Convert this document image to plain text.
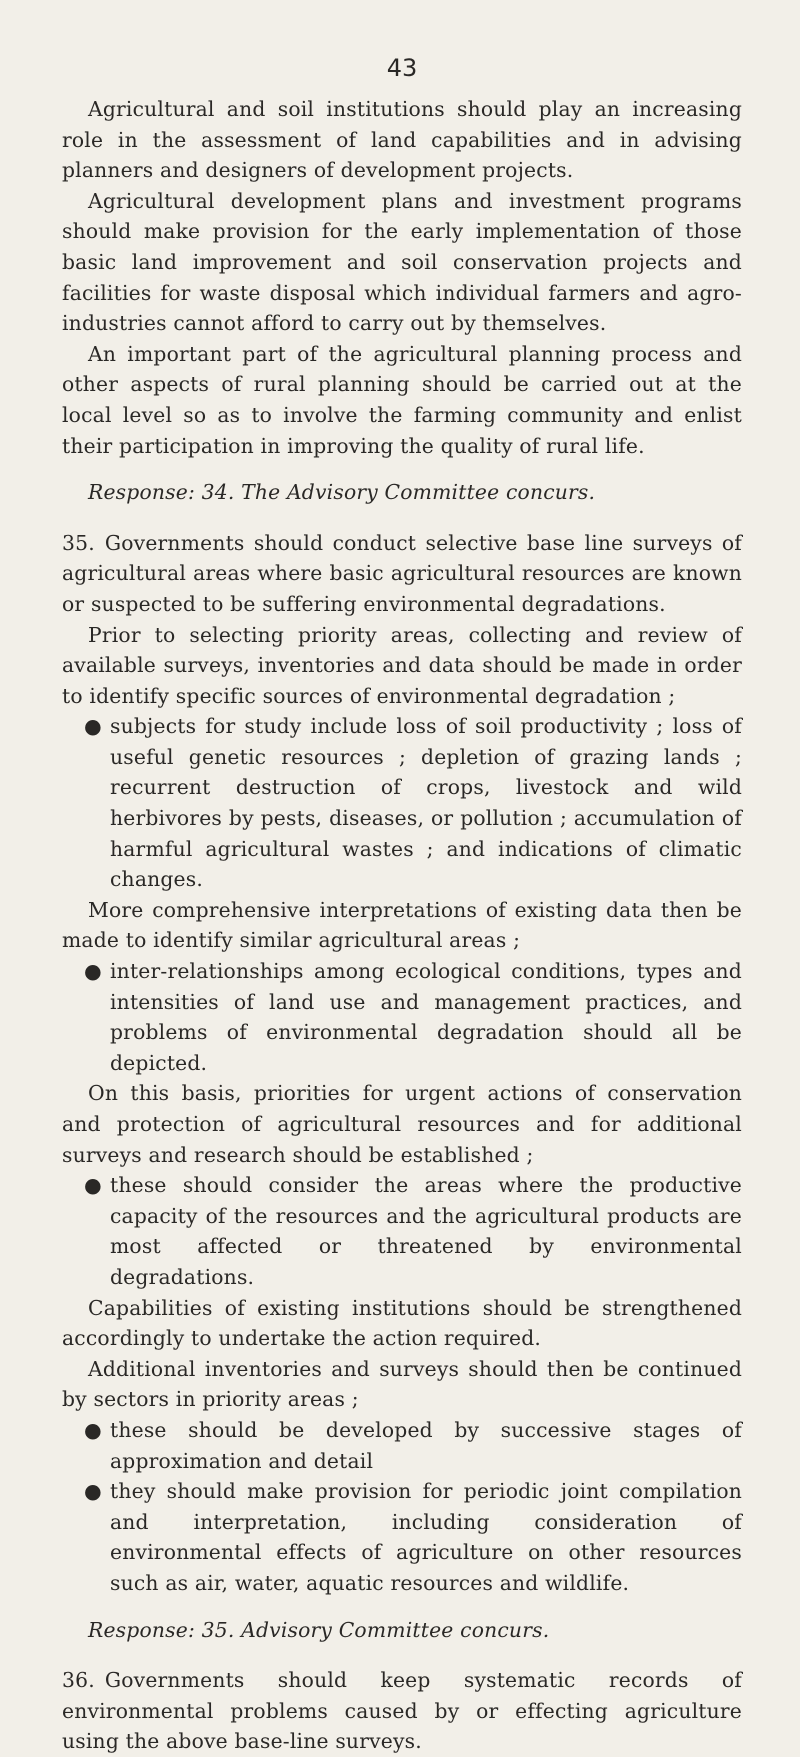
43

Agricultural and soil institutions should play an increasing role in the assessment of land capabilities and in advising planners and designers of development projects.

Agricultural development plans and investment programs should make provision for the early implementation of those basic land improvement and soil conservation projects and facilities for waste disposal which individual farmers and agro-industries cannot afford to carry out by themselves.

An important part of the agricultural planning process and other aspects of rural planning should be carried out at the local level so as to involve the farming community and enlist their participation in improving the quality of rural life.

Response: 34. The Advisory Committee concurs.

35. Governments should conduct selective base line surveys of agricultural areas where basic agricultural resources are known or suspected to be suffering environmental degradations.

Prior to selecting priority areas, collecting and review of available surveys, inventories and data should be made in order to identify specific sources of environmental degradation ;

● subjects for study include loss of soil productivity ; loss of useful genetic resources ; depletion of grazing lands ; recurrent destruction of crops, livestock and wild herbivores by pests, diseases, or pollution ; accumulation of harmful agricultural wastes ; and indications of climatic changes.

More comprehensive interpretations of existing data then be made to identify similar agricultural areas ;

● inter-relationships among ecological conditions, types and intensities of land use and management practices, and problems of environmental degradation should all be depicted.

On this basis, priorities for urgent actions of conservation and protection of agricultural resources and for additional surveys and research should be established ;

● these should consider the areas where the productive capacity of the resources and the agricultural products are most affected or threatened by environmental degradations.

Capabilities of existing institutions should be strengthened accordingly to undertake the action required.

Additional inventories and surveys should then be continued by sectors in priority areas ;

● these should be developed by successive stages of approximation and detail

● they should make provision for periodic joint compilation and interpretation, including consideration of environmental effects of agriculture on other resources such as air, water, aquatic resources and wildlife.

Response: 35. Advisory Committee concurs.

36. Governments should keep systematic records of environmental problems caused by or effecting agriculture using the above base-line surveys.
